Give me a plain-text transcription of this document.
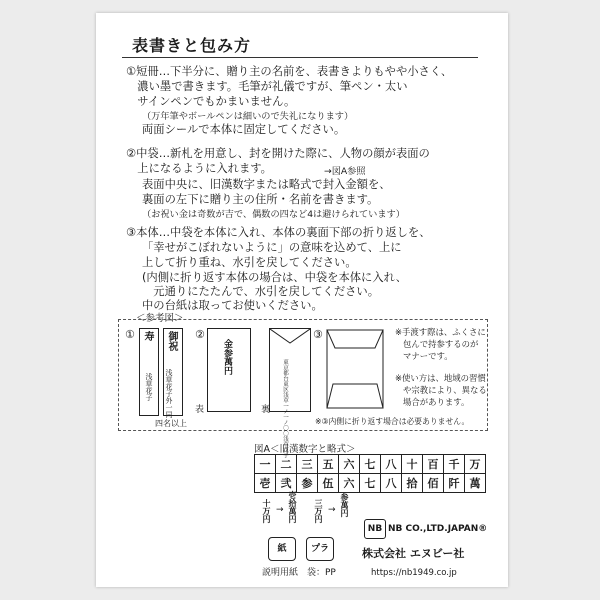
表書きと包み方
①短冊…下半分に、贈り主の名前を、表書きよりもやや小さく、
　濃い墨で書きます。毛筆が礼儀ですが、筆ペン・太い
　サインペンでもかまいません。
（万年筆やボールペンは細いので失礼になります）
両面シールで本体に固定してください。
②中袋…新札を用意し、封を開けた際に、人物の顔が表面の
　上になるように入れます。	→図A参照
表面中央に、旧漢数字または略式で封入金額を、
裏面の左下に贈り主の住所・名前を書きます。
（お祝い金は奇数が吉で、偶数の四など4は避けられています）
③本体…中袋を本体に入れ、本体の裏面下部の折り返しを、
「幸せがこぼれないように」の意味を込めて、上に
上して折り重ね、水引を戻してください。
(内側に折り返す本体の場合は、中袋を本体に入れ、
　元通りにたたんで、水引を戻してください。
中の台紙は取ってお使いください。
＜参考図＞
① 寿
浅草花子
御祝
浅草花子外一同
四名以上
②
金参萬円
表	東京都台東区浅草一ノ一ノ〇〇浅草花子
裏
③	※手渡す際は、ふくさに
包んで持参するのが
マナーです。
※使い方は、地域の習慣
や宗教により、異なる
場合があります。
※③内側に折り返す場合は必要ありません。
図A＜旧漢数字と略式＞
一	二	三	五	六	七	八	十	百	千	万
壱	弐	参	伍	六	七	八	拾	佰	阡	萬
十万円 → 壱拾萬円 三万円 → 参萬円
NB NB CO.,LTD.JAPAN®
株式会社 エヌビー社
https://nb1949.co.jp
紙	プラ
説明用紙　袋：PP
